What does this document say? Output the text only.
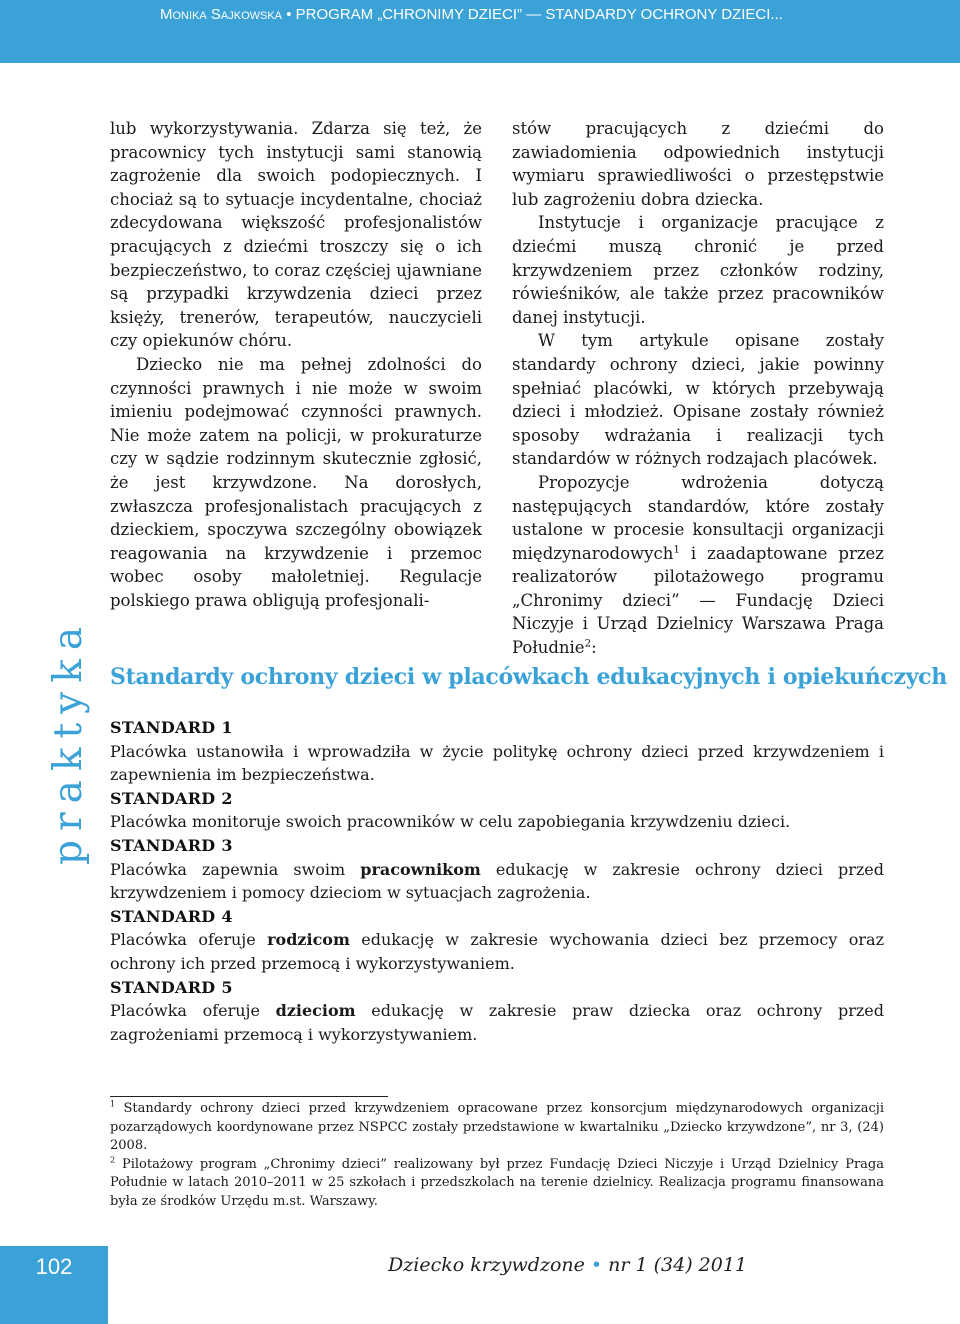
Monika Sajkowska • PROGRAM „CHRONIMY DZIECI” — STANDARDY OCHRONY DZIECI...
praktyka

lub wykorzystywania. Zdarza się też, że pracownicy tych instytucji sami stanowią zagrożenie dla swoich podopiecznych. I chociaż są to sytuacje incydentalne, chociaż zdecydowana większość profesjonalistów pracujących z dziećmi troszczy się o ich bezpieczeństwo, to coraz częściej ujawniane są przypadki krzywdzenia dzieci przez księży, trenerów, terapeutów, nauczycieli czy opiekunów chóru.

Dziecko nie ma pełnej zdolności do czynności prawnych i nie może w swoim imieniu podejmować czynności prawnych. Nie może zatem na policji, w prokuraturze czy w sądzie rodzinnym skutecznie zgłosić, że jest krzywdzone. Na dorosłych, zwłaszcza profesjonalistach pracujących z dzieckiem, spoczywa szczególny obowiązek reagowania na krzywdzenie i przemoc wobec osoby małoletniej. Regulacje polskiego prawa obligują profesjonali-

stów pracujących z dziećmi do zawiadomienia odpowiednich instytucji wymiaru sprawiedliwości o przestępstwie lub zagrożeniu dobra dziecka.

Instytucje i organizacje pracujące z dziećmi muszą chronić je przed krzywdzeniem przez członków rodziny, rówieśników, ale także przez pracowników danej instytucji.

W tym artykule opisane zostały standardy ochrony dzieci, jakie powinny spełniać placówki, w których przebywają dzieci i młodzież. Opisane zostały również sposoby wdrażania i realizacji tych standardów w różnych rodzajach placówek.

Propozycje wdrożenia dotyczą następujących standardów, które zostały ustalone w procesie konsultacji organizacji międzynarodowych$^1$ i zaadaptowane przez realizatorów pilotażowego programu „Chronimy dzieci” — Fundację Dzieci Niczyje i Urząd Dzielnicy Warszawa Praga Południe$^2$:

Standardy ochrony dzieci w placówkach edukacyjnych i opiekuńczych
STANDARD 1
Placówka ustanowiła i wprowadziła w życie politykę ochrony dzieci przed krzywdzeniem i zapewnienia im bezpieczeństwa.
STANDARD 2
Placówka monitoruje swoich pracowników w celu zapobiegania krzywdzeniu dzieci.
STANDARD 3
Placówka zapewnia swoim pracownikom edukację w zakresie ochrony dzieci przed krzywdzeniem i pomocy dzieciom w sytuacjach zagrożenia.
STANDARD 4
Placówka oferuje rodzicom edukację w zakresie wychowania dzieci bez przemocy oraz ochrony ich przed przemocą i wykorzystywaniem.
STANDARD 5
Placówka oferuje dzieciom edukację w zakresie praw dziecka oraz ochrony przed zagrożeniami przemocą i wykorzystywaniem.

$^1$ Standardy ochrony dzieci przed krzywdzeniem opracowane przez konsorcjum międzynarodowych organizacji pozarządowych koordynowane przez NSPCC zostały przedstawione w kwartalniku „Dziecko krzywdzone”, nr 3, (24) 2008.

$^2$ Pilotażowy program „Chronimy dzieci” realizowany był przez Fundację Dzieci Niczyje i Urząd Dzielnicy Praga Południe w latach 2010–2011 w 25 szkołach i przedszkolach na terenie dzielnicy. Realizacja programu finansowana była ze środków Urzędu m.st. Warszawy.

102	Dziecko krzywdzone • nr 1 (34) 2011
